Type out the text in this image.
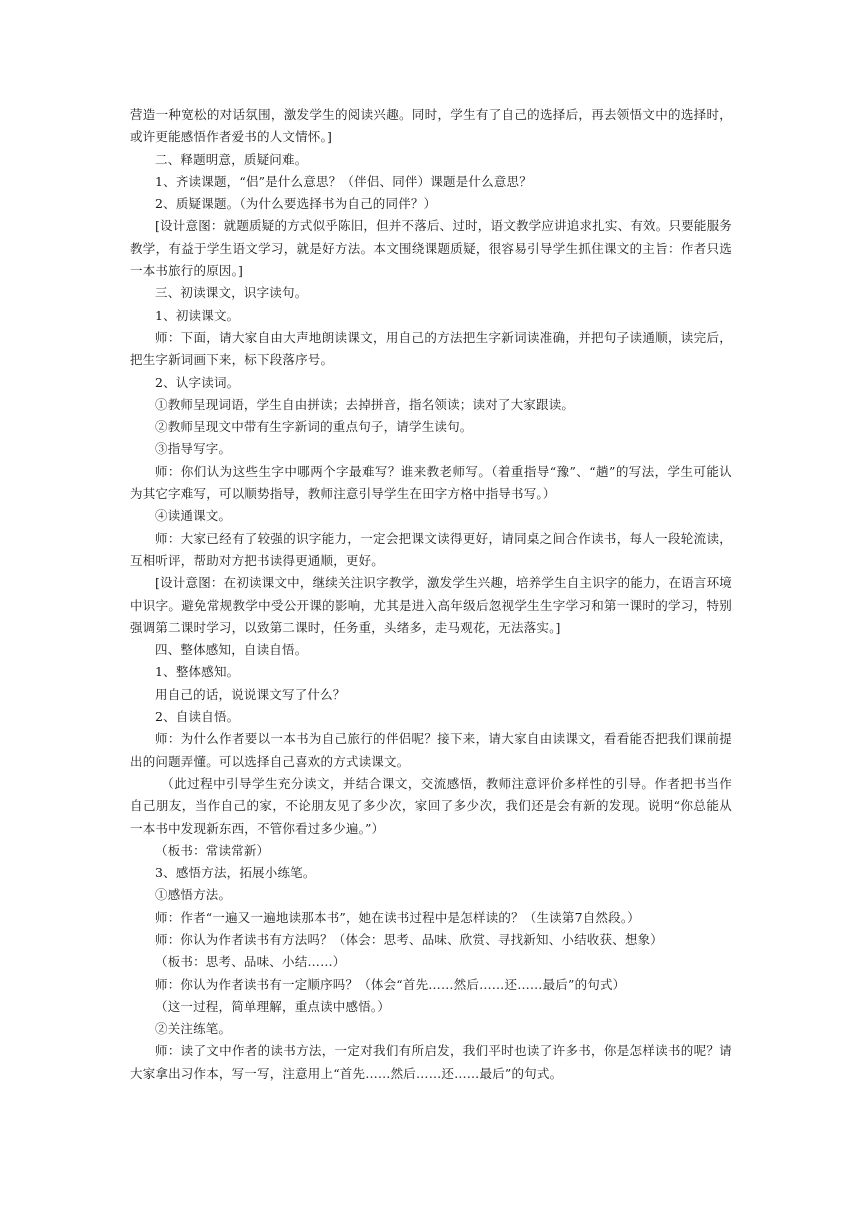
营造一种宽松的对话氛围，激发学生的阅读兴趣。同时，学生有了自己的选择后，再去领悟文中的选择时，或许更能感悟作者爱书的人文情怀。]

二、释题明意，质疑问难。

1、齐读课题，“侣”是什么意思？（伴侣、同伴）课题是什么意思？

2、质疑课题。（为什么要选择书为自己的同伴？）

[设计意图：就题质疑的方式似乎陈旧，但并不落后、过时，语文教学应讲追求扎实、有效。只要能服务教学，有益于学生语文学习，就是好方法。本文围绕课题质疑，很容易引导学生抓住课文的主旨：作者只选一本书旅行的原因。]

三、初读课文，识字读句。

1、初读课文。

师：下面，请大家自由大声地朗读课文，用自己的方法把生字新词读准确，并把句子读通顺，读完后，把生字新词画下来，标下段落序号。

2、认字读词。

①教师呈现词语，学生自由拼读；去掉拼音，指名领读；读对了大家跟读。

②教师呈现文中带有生字新词的重点句子，请学生读句。

③指导写字。

师：你们认为这些生字中哪两个字最难写？谁来教老师写。（着重指导“豫”、“趟”的写法，学生可能认为其它字难写，可以顺势指导，教师注意引导学生在田字方格中指导书写。）

④读通课文。

师：大家已经有了较强的识字能力，一定会把课文读得更好，请同桌之间合作读书，每人一段轮流读，互相听评，帮助对方把书读得更通顺，更好。

[设计意图：在初读课文中，继续关注识字教学，激发学生兴趣，培养学生自主识字的能力，在语言环境中识字。避免常规教学中受公开课的影响，尤其是进入高年级后忽视学生生字学习和第一课时的学习，特别强调第二课时学习，以致第二课时，任务重，头绪多，走马观花，无法落实。]

四、整体感知，自读自悟。

1、整体感知。

用自己的话，说说课文写了什么？

2、自读自悟。

师：为什么作者要以一本书为自己旅行的伴侣呢？接下来，请大家自由读课文，看看能否把我们课前提出的问题弄懂。可以选择自己喜欢的方式读课文。

（此过程中引导学生充分读文，并结合课文，交流感悟，教师注意评价多样性的引导。作者把书当作自己朋友，当作自己的家，不论朋友见了多少次，家回了多少次，我们还是会有新的发现。说明“你总能从一本书中发现新东西，不管你看过多少遍。”）

（板书：常读常新）

3、感悟方法，拓展小练笔。

①感悟方法。

师：作者“一遍又一遍地读那本书”，她在读书过程中是怎样读的？（生读第7自然段。）

师：你认为作者读书有方法吗？（体会：思考、品味、欣赏、寻找新知、小结收获、想象）

（板书：思考、品味、小结……）

师：你认为作者读书有一定顺序吗？（体会“首先……然后……还……最后”的句式）

（这一过程，简单理解，重点读中感悟。）

②关注练笔。

师：读了文中作者的读书方法，一定对我们有所启发，我们平时也读了许多书，你是怎样读书的呢？请大家拿出习作本，写一写，注意用上“首先……然后……还……最后”的句式。
